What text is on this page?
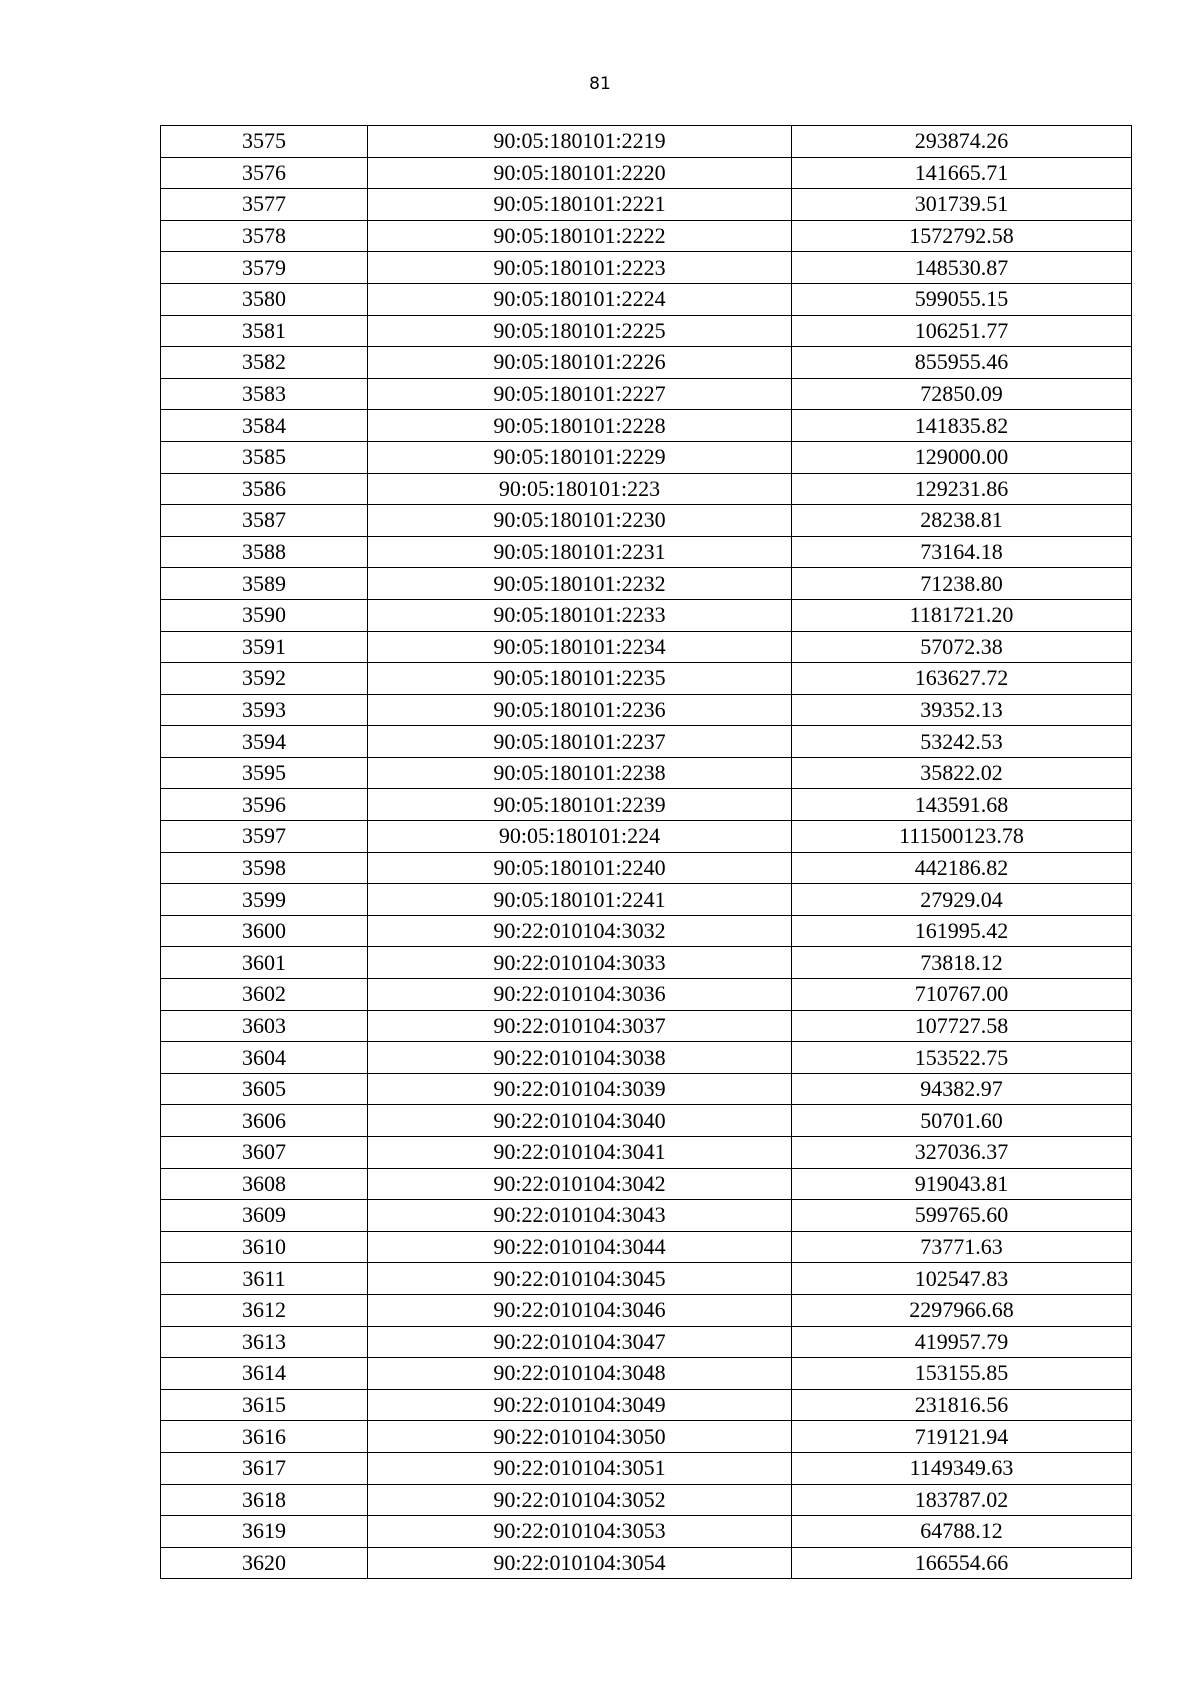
81
3575	90:05:180101:2219	293874.26
3576	90:05:180101:2220	141665.71
3577	90:05:180101:2221	301739.51
3578	90:05:180101:2222	1572792.58
3579	90:05:180101:2223	148530.87
3580	90:05:180101:2224	599055.15
3581	90:05:180101:2225	106251.77
3582	90:05:180101:2226	855955.46
3583	90:05:180101:2227	72850.09
3584	90:05:180101:2228	141835.82
3585	90:05:180101:2229	129000.00
3586	90:05:180101:223	129231.86
3587	90:05:180101:2230	28238.81
3588	90:05:180101:2231	73164.18
3589	90:05:180101:2232	71238.80
3590	90:05:180101:2233	1181721.20
3591	90:05:180101:2234	57072.38
3592	90:05:180101:2235	163627.72
3593	90:05:180101:2236	39352.13
3594	90:05:180101:2237	53242.53
3595	90:05:180101:2238	35822.02
3596	90:05:180101:2239	143591.68
3597	90:05:180101:224	111500123.78
3598	90:05:180101:2240	442186.82
3599	90:05:180101:2241	27929.04
3600	90:22:010104:3032	161995.42
3601	90:22:010104:3033	73818.12
3602	90:22:010104:3036	710767.00
3603	90:22:010104:3037	107727.58
3604	90:22:010104:3038	153522.75
3605	90:22:010104:3039	94382.97
3606	90:22:010104:3040	50701.60
3607	90:22:010104:3041	327036.37
3608	90:22:010104:3042	919043.81
3609	90:22:010104:3043	599765.60
3610	90:22:010104:3044	73771.63
3611	90:22:010104:3045	102547.83
3612	90:22:010104:3046	2297966.68
3613	90:22:010104:3047	419957.79
3614	90:22:010104:3048	153155.85
3615	90:22:010104:3049	231816.56
3616	90:22:010104:3050	719121.94
3617	90:22:010104:3051	1149349.63
3618	90:22:010104:3052	183787.02
3619	90:22:010104:3053	64788.12
3620	90:22:010104:3054	166554.66
